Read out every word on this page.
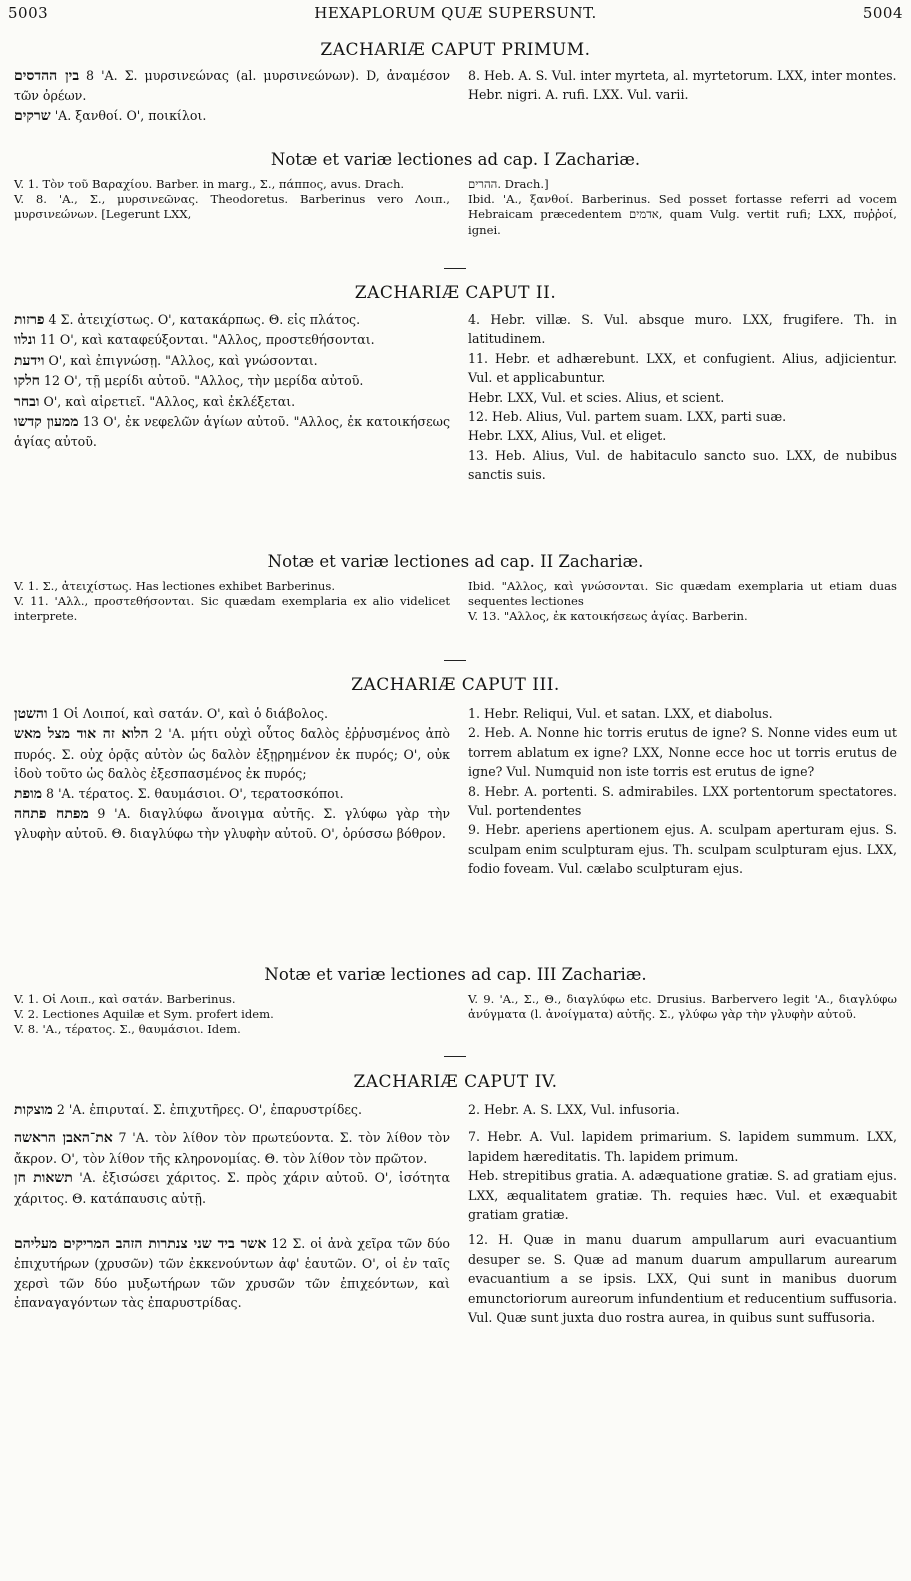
5003	HEXAPLORUM QUÆ SUPERSUNT.	5004
ZACHARIÆ CAPUT PRIMUM.

בין ההדסים 8 'Α. Σ. μυρσινεώνας (al. μυρσινεώνων). D, ἀναμέσον τῶν ὀρέων.

שרקים 'Α. ξανθοί. Ο', ποικίλοι.

8. Heb. A. S. Vul. inter myrteta, al. myrtetorum. LXX, inter montes.

Hebr. nigri. A. rufi. LXX. Vul. varii.

Notæ et variæ lectiones ad cap. I Zachariæ.

V. 1. Τὸν τοῦ Βαραχίου. Barber. in marg., Σ., πάππος, avus. Drach.

V. 8. 'Α., Σ., μυρσινεῶνας. Theodoretus. Barberinus vero Λοιπ., μυρσινεώνων. [Legerunt LXX,

ההרים. Drach.]

Ibid. 'Α., ξανθοί. Barberinus. Sed posset fortasse referri ad vocem Hebraicam præcedentem אדמים, quam Vulg. vertit rufi; LXX, πυῤῥοί, ignei.

ZACHARIÆ CAPUT II.

פרזות 4 Σ. ἀτειχίστως. Ο', κατακάρπως. Θ. εἰς πλάτος.

ונלוו 11 Ο', καὶ καταφεύξονται. "Αλλος, προστεθήσονται.

וידעת Ο', καὶ ἐπιγνώσῃ. "Αλλος, καὶ γνώσονται.

חלקו 12 Ο', τῇ μερίδι αὐτοῦ. "Αλλος, τὴν μερίδα αὐτοῦ.

ובחר Ο', καὶ αἱρετιεῖ. "Αλλος, καὶ ἐκλέξεται.

ממעון קדשו 13 Ο', ἐκ νεφελῶν ἁγίων αὐτοῦ. "Αλλος, ἐκ κατοικήσεως ἁγίας αὐτοῦ.

4. Hebr. villæ. S. Vul. absque muro. LXX, frugifere. Th. in latitudinem.

11. Hebr. et adhærebunt. LXX, et confugient. Alius, adjicientur. Vul. et applicabuntur.

Hebr. LXX, Vul. et scies. Alius, et scient.

12. Heb. Alius, Vul. partem suam. LXX, parti suæ.

Hebr. LXX, Alius, Vul. et eliget.

13. Heb. Alius, Vul. de habitaculo sancto suo. LXX, de nubibus sanctis suis.

Notæ et variæ lectiones ad cap. II Zachariæ.

V. 1. Σ., ἀτειχίστως. Has lectiones exhibet Barberinus.

V. 11. 'Αλλ., προστεθήσονται. Sic quædam exemplaria ex alio videlicet interprete.

Ibid. "Αλλος, καὶ γνώσονται. Sic quædam exemplaria ut etiam duas sequentes lectiones

V. 13. "Αλλος, ἐκ κατοικήσεως ἁγίας. Barberin.

ZACHARIÆ CAPUT III.

והשטן 1 Οἱ Λοιποί, καὶ σατάν. Ο', καὶ ὁ διάβολος.

הלוא זה אוד מצל מאש 2 'Α. μήτι οὐχὶ οὗτος δαλὸς ἐῤῥυσμένος ἀπὸ πυρός. Σ. οὐχ ὁρᾷς αὐτὸν ὡς δαλὸν ἐξῃρημένον ἐκ πυρός; Ο', οὐκ ἰδοὺ τοῦτο ὡς δαλὸς ἐξεσπασμένος ἐκ πυρός;

מופת 8 'Α. τέρατος. Σ. θαυμάσιοι. Ο', τερατοσκόποι.

מפתח פתחה 9 'Α. διαγλύφω ἄνοιγμα αὐτῆς. Σ. γλύφω γὰρ τὴν γλυφὴν αὐτοῦ. Θ. διαγλύφω τὴν γλυφὴν αὐτοῦ. Ο', ὀρύσσω βόθρον.

1. Hebr. Reliqui, Vul. et satan. LXX, et diabolus.

2. Heb. A. Nonne hic torris erutus de igne? S. Nonne vides eum ut torrem ablatum ex igne? LXX, Nonne ecce hoc ut torris erutus de igne? Vul. Numquid non iste torris est erutus de igne?

8. Hebr. A. portenti. S. admirabiles. LXX portentorum spectatores. Vul. portendentes

9. Hebr. aperiens apertionem ejus. A. sculpam aperturam ejus. S. sculpam enim sculpturam ejus. Th. sculpam sculpturam ejus. LXX, fodio foveam. Vul. cælabo sculpturam ejus.

Notæ et variæ lectiones ad cap. III Zachariæ.

V. 1. Οἱ Λοιπ., καὶ σατάν. Barberinus.

V. 2. Lectiones Aquilæ et Sym. profert idem.

V. 8. 'Α., τέρατος. Σ., θαυμάσιοι. Idem.

V. 9. 'Α., Σ., Θ., διαγλύφω etc. Drusius. Barbervero legit 'Α., διαγλύφω ἀνύγματα (l. ἀνοίγματα) αὐτῆς. Σ., γλύφω γὰρ τὴν γλυφὴν αὐτοῦ.

ZACHARIÆ CAPUT IV.

מוצקות 2 'Α. ἐπιρυταί. Σ. ἐπιχυτῆρες. Ο', ἐπαρυστρίδες.

את־האבן הראשה 7 'Α. τὸν λίθον τὸν πρωτεύοντα. Σ. τὸν λίθον τὸν ἄκρον. Ο', τὸν λίθον τῆς κληρονομίας. Θ. τὸν λίθον τὸν πρῶτον.

תשאות חן 'Α. ἐξισώσει χάριτος. Σ. πρὸς χάριν αὐτοῦ. Ο', ἰσότητα χάριτος. Θ. κατάπαυσις αὐτῇ.

אשר ביד שני צנתרות הזהב המריקים מעליהם 12 Σ. οἱ ἀνὰ χεῖρα τῶν δύο ἐπιχυτήρων (χρυσῶν) τῶν ἐκκενούντων ἀφ' ἑαυτῶν. Ο', οἱ ἐν ταῖς χερσὶ τῶν δύο μυξωτήρων τῶν χρυσῶν τῶν ἐπιχεόντων, καὶ ἐπαναγαγόντων τὰς ἐπαρυστρίδας.

2. Hebr. A. S. LXX, Vul. infusoria.

7. Hebr. A. Vul. lapidem primarium. S. lapidem summum. LXX, lapidem hæreditatis. Th. lapidem primum.

Heb. strepitibus gratia. A. adæquatione gratiæ. S. ad gratiam ejus. LXX, æqualitatem gratiæ. Th. requies hæc. Vul. et exæquabit gratiam gratiæ.

12. H. Quæ in manu duarum ampullarum auri evacuantium desuper se. S. Quæ ad manum duarum ampullarum aurearum evacuantium a se ipsis. LXX, Qui sunt in manibus duorum emunctoriorum aureorum infundentium et reducentium suffusoria. Vul. Quæ sunt juxta duo rostra aurea, in quibus sunt suffusoria.
